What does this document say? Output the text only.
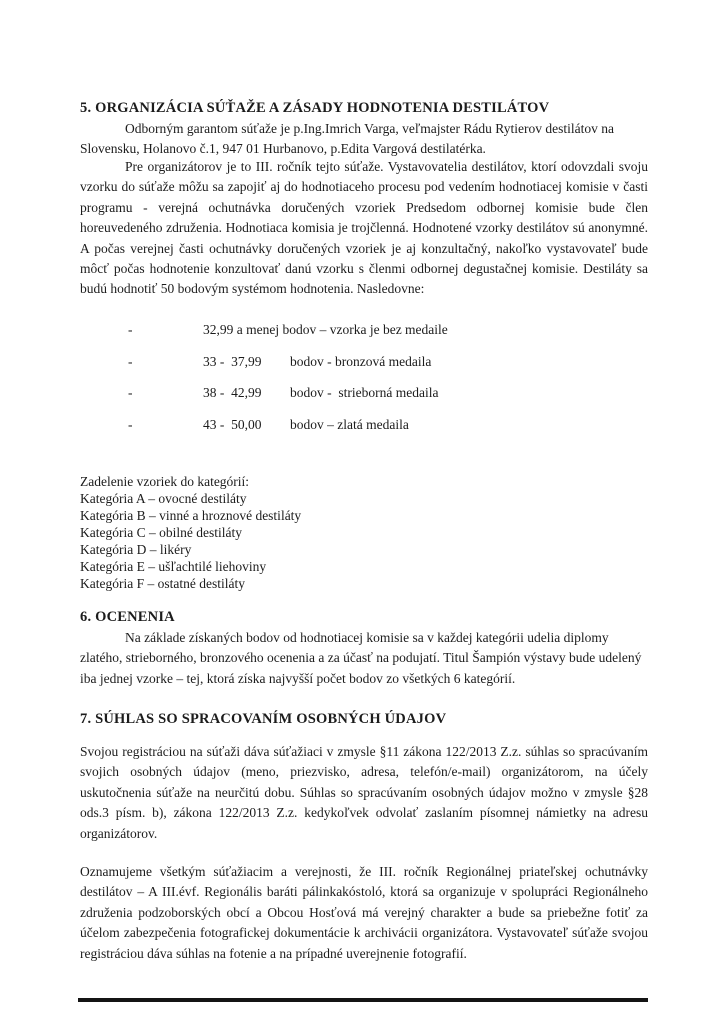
5. ORGANIZÁCIA SÚŤAŽE A ZÁSADY HODNOTENIA DESTILÁTOV

Odborným garantom súťaže je p.Ing.Imrich Varga, veľmajster Rádu Rytierov destilátov na Slovensku, Holanovo č.1, 947 01 Hurbanovo, p.Edita Vargová destilatérka.

Pre organizátorov je to III. ročník tejto súťaže. Vystavovatelia destilátov, ktorí odovzdali svoju vzorku do súťaže môžu sa zapojiť aj do hodnotiaceho procesu pod vedením hodnotiacej komisie v časti programu - verejná ochutnávka doručených vzoriek Predsedom odbornej komisie bude člen horeuvedeného združenia. Hodnotiaca komisia je trojčlenná. Hodnotené vzorky destilátov sú anonymné. A počas verejnej časti ochutnávky doručených vzoriek je aj konzultačný, nakoľko vystavovateľ bude môcť počas hodnotenie konzultovať danú vzorku s členmi odbornej degustačnej komisie. Destiláty sa budú hodnotiť 50 bodovým systémom hodnotenia. Nasledovne:

-	32,99 a menej bodov – vzorka je bez medaile
-	33 -  37,99	bodov - bronzová medaila
-	38 -  42,99	bodov -  strieborná medaila
-	43 -  50,00	bodov – zlatá medaila
Zadelenie vzoriek do kategórií:
Kategória A – ovocné destiláty
Kategória B – vinné a hroznové destiláty
Kategória C – obilné destiláty
Kategória D – likéry
Kategória E – ušľachtilé liehoviny
Kategória F – ostatné destiláty
6. OCENENIA

Na základe získaných bodov od hodnotiacej komisie sa v každej kategórii udelia diplomy zlatého, strieborného, bronzového ocenenia a za účasť na podujatí. Titul Šampión výstavy bude udelený iba jednej vzorke – tej, ktorá získa najvyšší počet bodov zo všetkých 6 kategórií.

7. SÚHLAS SO SPRACOVANÍM OSOBNÝCH ÚDAJOV

Svojou registráciou na súťaži dáva súťažiaci v zmysle §11 zákona 122/2013 Z.z. súhlas so spracúvaním svojich osobných údajov (meno, priezvisko, adresa, telefón/e-mail) organizátorom, na účely uskutočnenia súťaže na neurčitú dobu. Súhlas so spracúvaním osobných údajov možno v zmysle §28 ods.3 písm. b), zákona 122/2013 Z.z. kedykoľvek odvolať zaslaním písomnej námietky na adresu organizátorov.

Oznamujeme všetkým súťažiacim a verejnosti, že III. ročník Regionálnej priateľskej ochutnávky destilátov – A III.évf. Regionális baráti pálinkakóstoló, ktorá sa organizuje v spolupráci Regionálneho združenia podzoborských obcí a Obcou Hosťová má verejný charakter a bude sa priebežne fotiť za účelom zabezpečenia fotografickej dokumentácie k archivácii organizátora. Vystavovateľ súťaže svojou registráciou dáva súhlas na fotenie a na prípadné uverejnenie fotografií.
